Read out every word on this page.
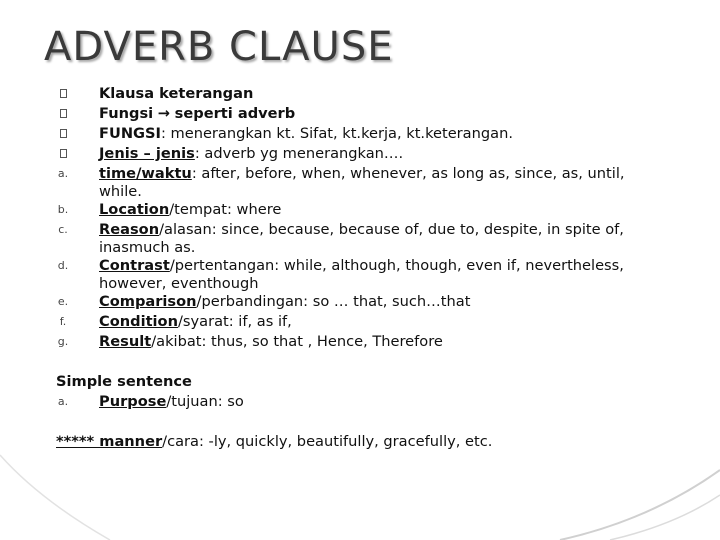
ADVERB CLAUSE
Klausa keterangan
Fungsi → seperti adverb
FUNGSI: menerangkan kt. Sifat, kt.kerja, kt.keterangan.
Jenis – jenis: adverb yg menerangkan….
a. time/waktu: after, before, when, whenever, as long as, since, as, until,
while.
b. Location/tempat: where
c. Reason/alasan: since, because, because of, due to, despite, in spite of,
inasmuch as.
d. Contrast/pertentangan: while, although, though, even if, nevertheless,
however, eventhough
e. Comparison/perbandingan: so … that, such…that
f. Condition/syarat: if, as if,
g. Result/akibat: thus, so that , Hence, Therefore
Simple sentence
a. Purpose/tujuan: so
***** manner/cara: -ly, quickly, beautifully, gracefully, etc.
